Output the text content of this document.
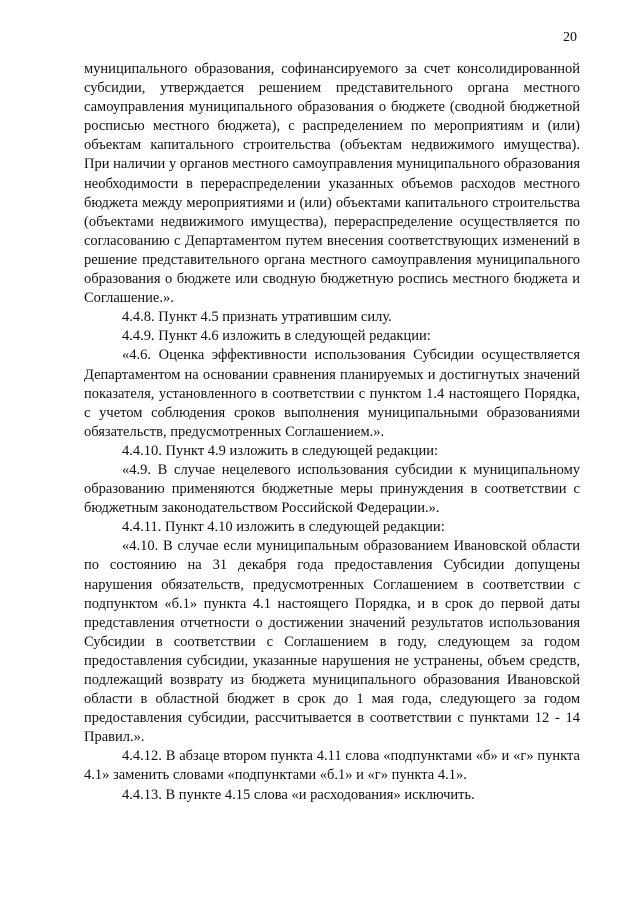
20

муниципального образования, софинансируемого за счет консолидированной субсидии, утверждается решением представительного органа местного самоуправления муниципального образования о бюджете (сводной бюджетной росписью местного бюджета), с распределением по мероприятиям и (или) объектам капитального строительства (объектам недвижимого имущества). При наличии у органов местного самоуправления муниципального образования необходимости в перераспределении указанных объемов расходов местного бюджета между мероприятиями и (или) объектами капитального строительства (объектами недвижимого имущества), перераспределение осуществляется по согласованию с Департаментом путем внесения соответствующих изменений в решение представительного органа местного самоуправления муниципального образования о бюджете или сводную бюджетную роспись местного бюджета и Соглашение.».

4.4.8. Пункт 4.5 признать утратившим силу.

4.4.9. Пункт 4.6 изложить в следующей редакции:

«4.6. Оценка эффективности использования Субсидии осуществляется Департаментом на основании сравнения планируемых и достигнутых значений показателя, установленного в соответствии с пунктом 1.4 настоящего Порядка, с учетом соблюдения сроков выполнения муниципальными образованиями обязательств, предусмотренных Соглашением.».

4.4.10. Пункт 4.9 изложить в следующей редакции:

«4.9. В случае нецелевого использования субсидии к муниципальному образованию применяются бюджетные меры принуждения в соответствии с бюджетным законодательством Российской Федерации.».

4.4.11. Пункт 4.10 изложить в следующей редакции:

«4.10. В случае если муниципальным образованием Ивановской области по состоянию на 31 декабря года предоставления Субсидии допущены нарушения обязательств, предусмотренных Соглашением в соответствии с подпунктом «б.1» пункта 4.1 настоящего Порядка, и в срок до первой даты представления отчетности о достижении значений результатов использования Субсидии в соответствии с Соглашением в году, следующем за годом предоставления субсидии, указанные нарушения не устранены, объем средств, подлежащий возврату из бюджета муниципального образования Ивановской области в областной бюджет в срок до 1 мая года, следующего за годом предоставления субсидии, рассчитывается в соответствии с пунктами 12 - 14 Правил.».

4.4.12. В абзаце втором пункта 4.11 слова «подпунктами «б» и «г» пункта 4.1» заменить словами «подпунктами «б.1» и «г» пункта 4.1».

4.4.13. В пункте 4.15 слова «и расходования» исключить.
